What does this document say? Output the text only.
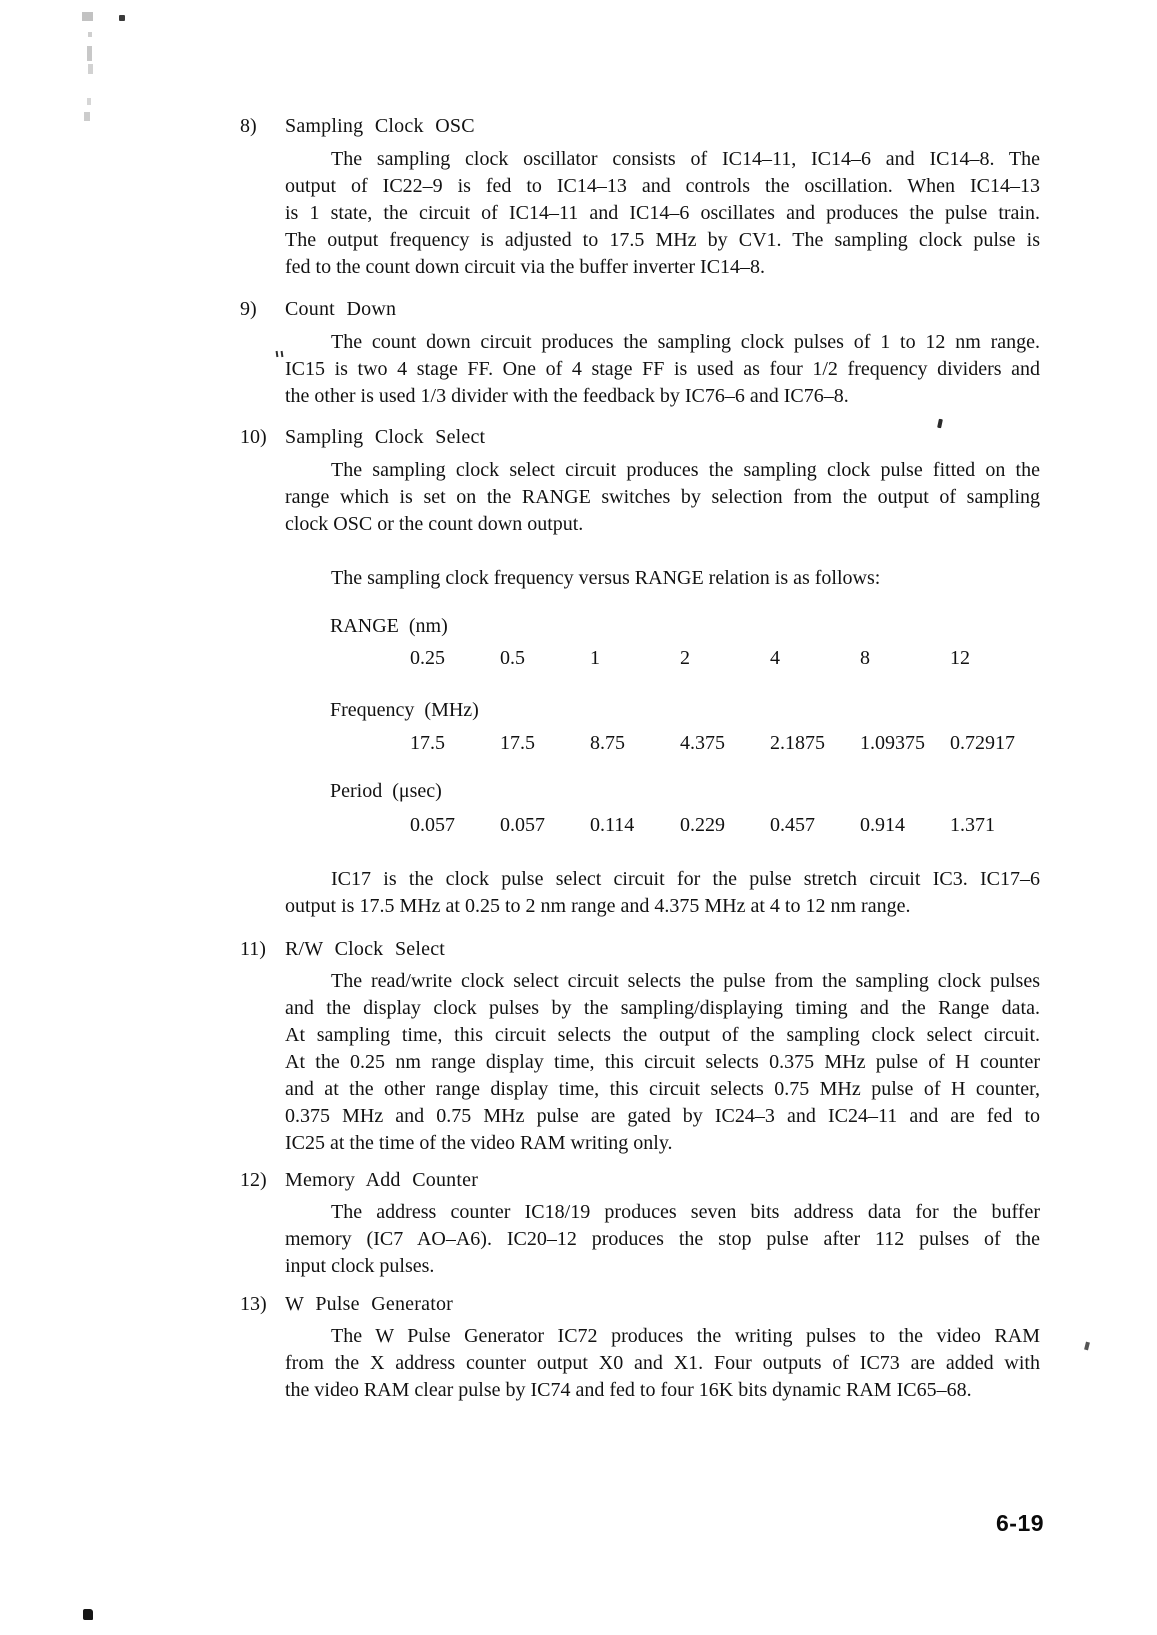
8)	Sampling Clock OSC
The sampling clock oscillator consists of IC14–11, IC14–6 and IC14–8. The
output of IC22–9 is fed to IC14–13 and controls the oscillation. When IC14–13
is 1 state, the circuit of IC14–11 and IC14–6 oscillates and produces the pulse train.
The output frequency is adjusted to 17.5 MHz by CV1. The sampling clock pulse is
fed to the count down circuit via the buffer inverter IC14–8.
9)	Count Down
The count down circuit produces the sampling clock pulses of 1 to 12 nm range.
IC15 is two 4 stage FF. One of 4 stage FF is used as four 1/2 frequency dividers and
the other is used 1/3 divider with the feedback by IC76–6 and IC76–8.
10) Sampling Clock Select
The sampling clock select circuit produces the sampling clock pulse fitted on the
range which is set on the RANGE switches by selection from the output of sampling
clock OSC or the count down output.
The sampling clock frequency versus RANGE relation is as follows:
RANGE (nm)
0.25	0.5	1	2	4	8	12
Frequency (MHz)
17.5	17.5	8.75	4.375	2.1875	1.09375	0.72917
Period (μsec)
0.057	0.057	0.114	0.229	0.457	0.914	1.371
IC17 is the clock pulse select circuit for the pulse stretch circuit IC3. IC17–6
output is 17.5 MHz at 0.25 to 2 nm range and 4.375 MHz at 4 to 12 nm range.
11) R/W Clock Select
The read/write clock select circuit selects the pulse from the sampling clock pulses
and the display clock pulses by the sampling/displaying timing and the Range data.
At sampling time, this circuit selects the output of the sampling clock select circuit.
At the 0.25 nm range display time, this circuit selects 0.375 MHz pulse of H counter
and at the other range display time, this circuit selects 0.75 MHz pulse of H counter,
0.375 MHz and 0.75 MHz pulse are gated by IC24–3 and IC24–11 and are fed to
IC25 at the time of the video RAM writing only.
12) Memory Add Counter
The address counter IC18/19 produces seven bits address data for the buffer
memory (IC7 AO–A6). IC20–12 produces the stop pulse after 112 pulses of the
input clock pulses.
13) W Pulse Generator
The W Pulse Generator IC72 produces the writing pulses to the video RAM
from the X address counter output X0 and X1. Four outputs of IC73 are added with
the video RAM clear pulse by IC74 and fed to four 16K bits dynamic RAM IC65–68.
6-19
